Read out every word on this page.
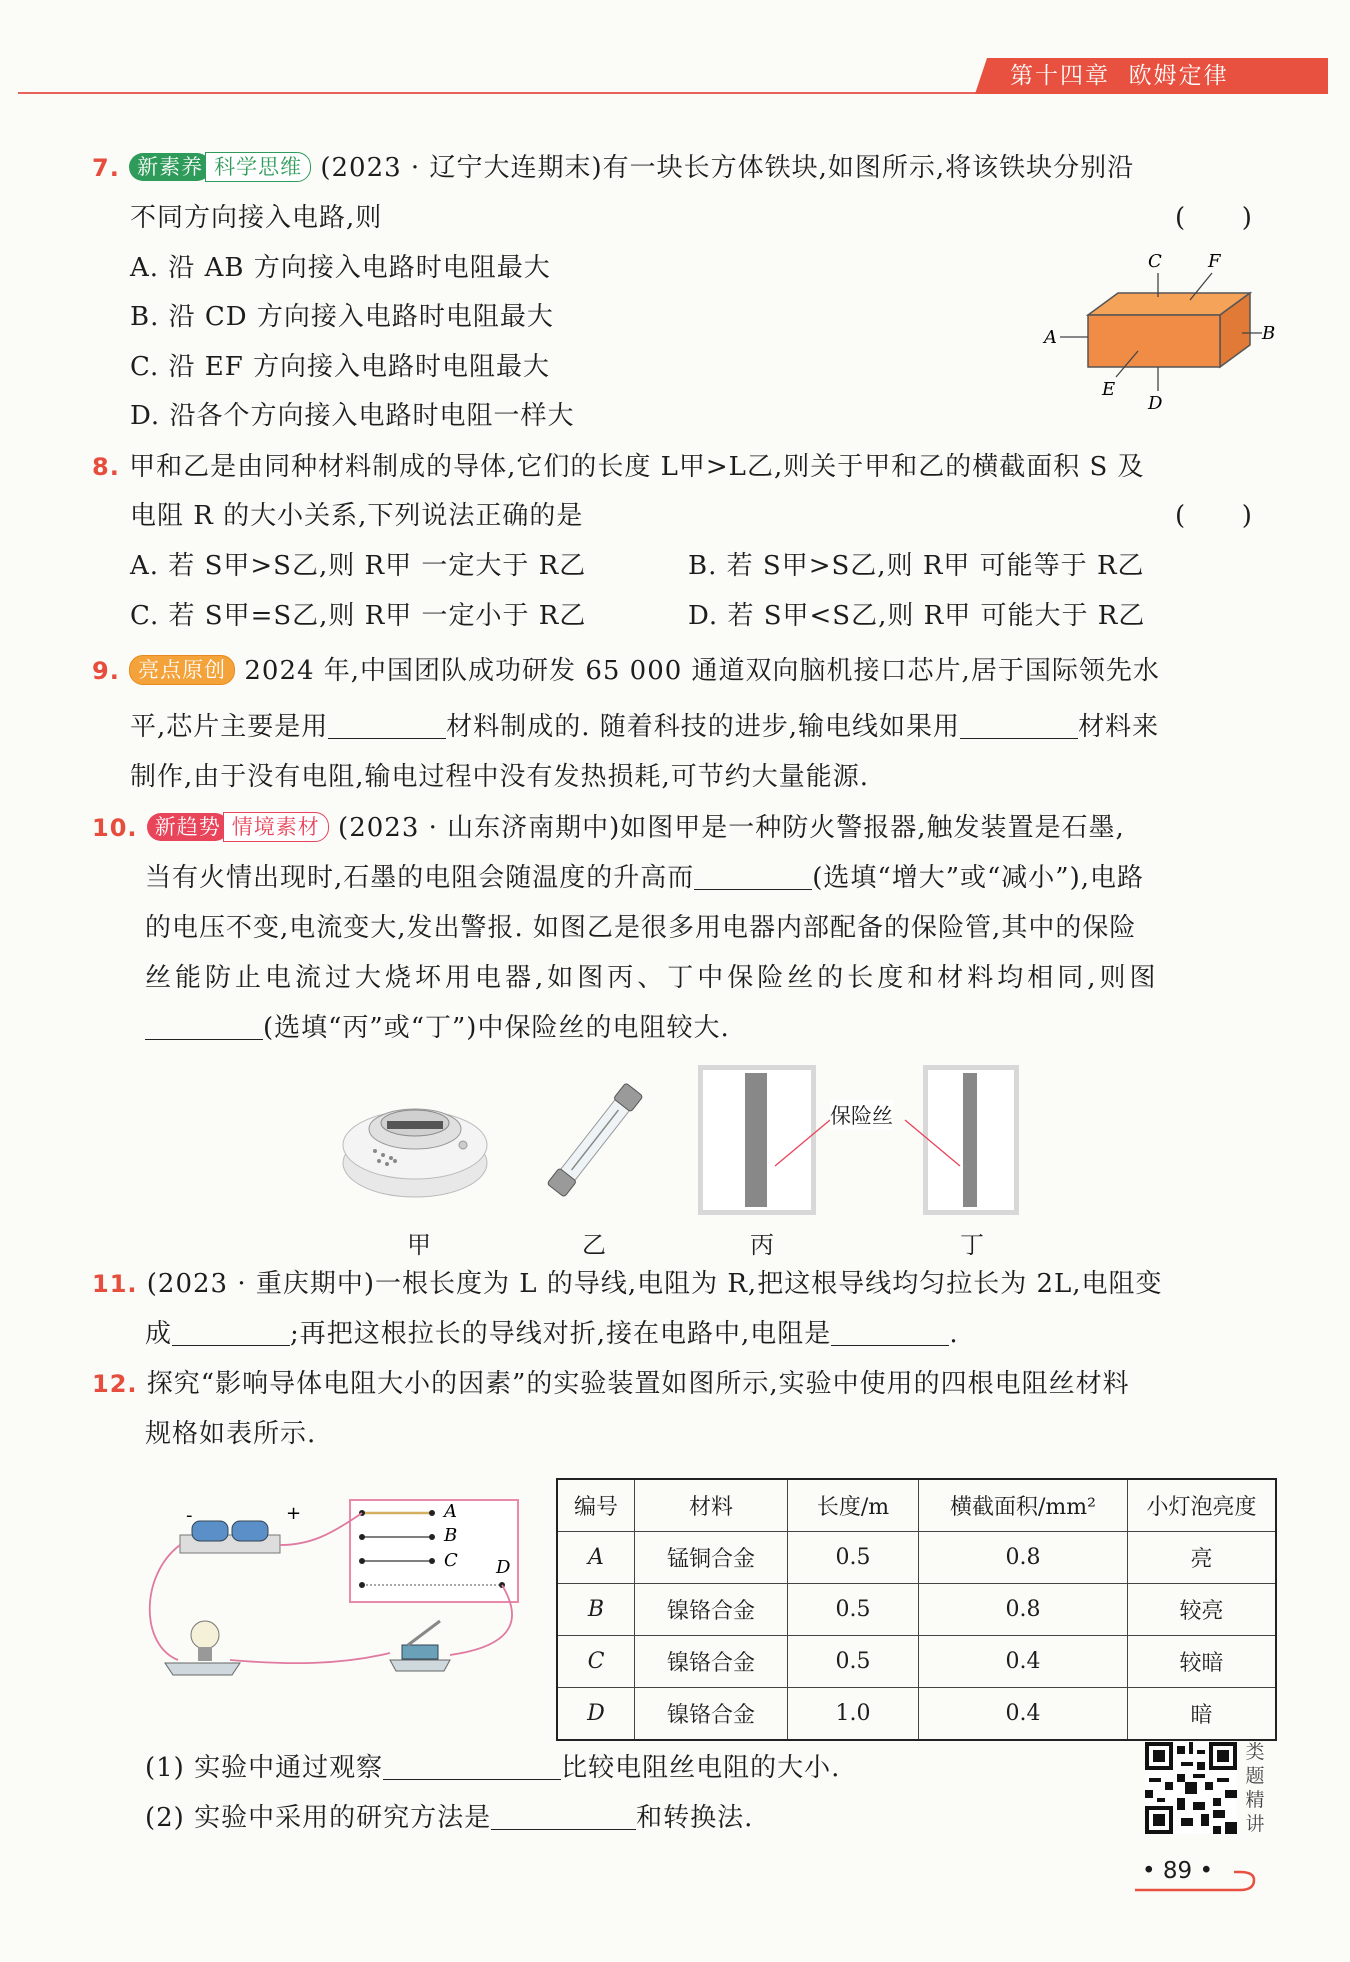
第十四章  欧姆定律
7. 新素养 科学思维 (2023 · 辽宁大连期末)有一块长方体铁块,如图所示,将该铁块分别沿
不同方向接入电路,则	(      )
A. 沿 AB 方向接入电路时电阻最大
B. 沿 CD 方向接入电路时电阻最大
C. 沿 EF 方向接入电路时电阻最大
D. 沿各个方向接入电路时电阻一样大
C	F
A	B
E
D
8. 甲和乙是由同种材料制成的导体,它们的长度 L甲>L乙,则关于甲和乙的横截面积 S 及
电阻 R 的大小关系,下列说法正确的是	(      )
A. 若 S甲>S乙,则 R甲 一定大于 R乙	B. 若 S甲>S乙,则 R甲 可能等于 R乙
C. 若 S甲=S乙,则 R甲 一定小于 R乙	D. 若 S甲<S乙,则 R甲 可能大于 R乙
9. 亮点原创 2024 年,中国团队成功研发 65 000 通道双向脑机接口芯片,居于国际领先水
平,芯片主要是用	材料制成的. 随着科技的进步,输电线如果用	材料来
制作,由于没有电阻,输电过程中没有发热损耗,可节约大量能源.
10. 新趋势 情境素材 (2023 · 山东济南期中)如图甲是一种防火警报器,触发装置是石墨,
当有火情出现时,石墨的电阻会随温度的升高而	(选填“增大”或“减小”),电路
的电压不变,电流变大,发出警报. 如图乙是很多用电器内部配备的保险管,其中的保险
丝能防止电流过大烧坏用电器,如图丙、丁中保险丝的长度和材料均相同,则图
(选填“丙”或“丁”)中保险丝的电阻较大.
保险丝
甲	乙	丙	丁
11. (2023 · 重庆期中)一根长度为 L 的导线,电阻为 R,把这根导线均匀拉长为 2L,电阻变
成	;再把这根拉长的导线对折,接在电路中,电阻是	.
12. 探究“影响导体电阻大小的因素”的实验装置如图所示,实验中使用的四根电阻丝材料
规格如表所示.
A
B
C D
-	+	编号	材料	长度/m	横截面积/mm²	小灯泡亮度
A	锰铜合金	0.5	0.8	亮
B	镍铬合金	0.5	0.8	较亮
C	镍铬合金	0.5	0.4	较暗
D	镍铬合金	1.0	0.4	暗
(1) 实验中通过观察	比较电阻丝电阻的大小.
(2) 实验中采用的研究方法是	和转换法.
类
题
精
讲
• 89 •
